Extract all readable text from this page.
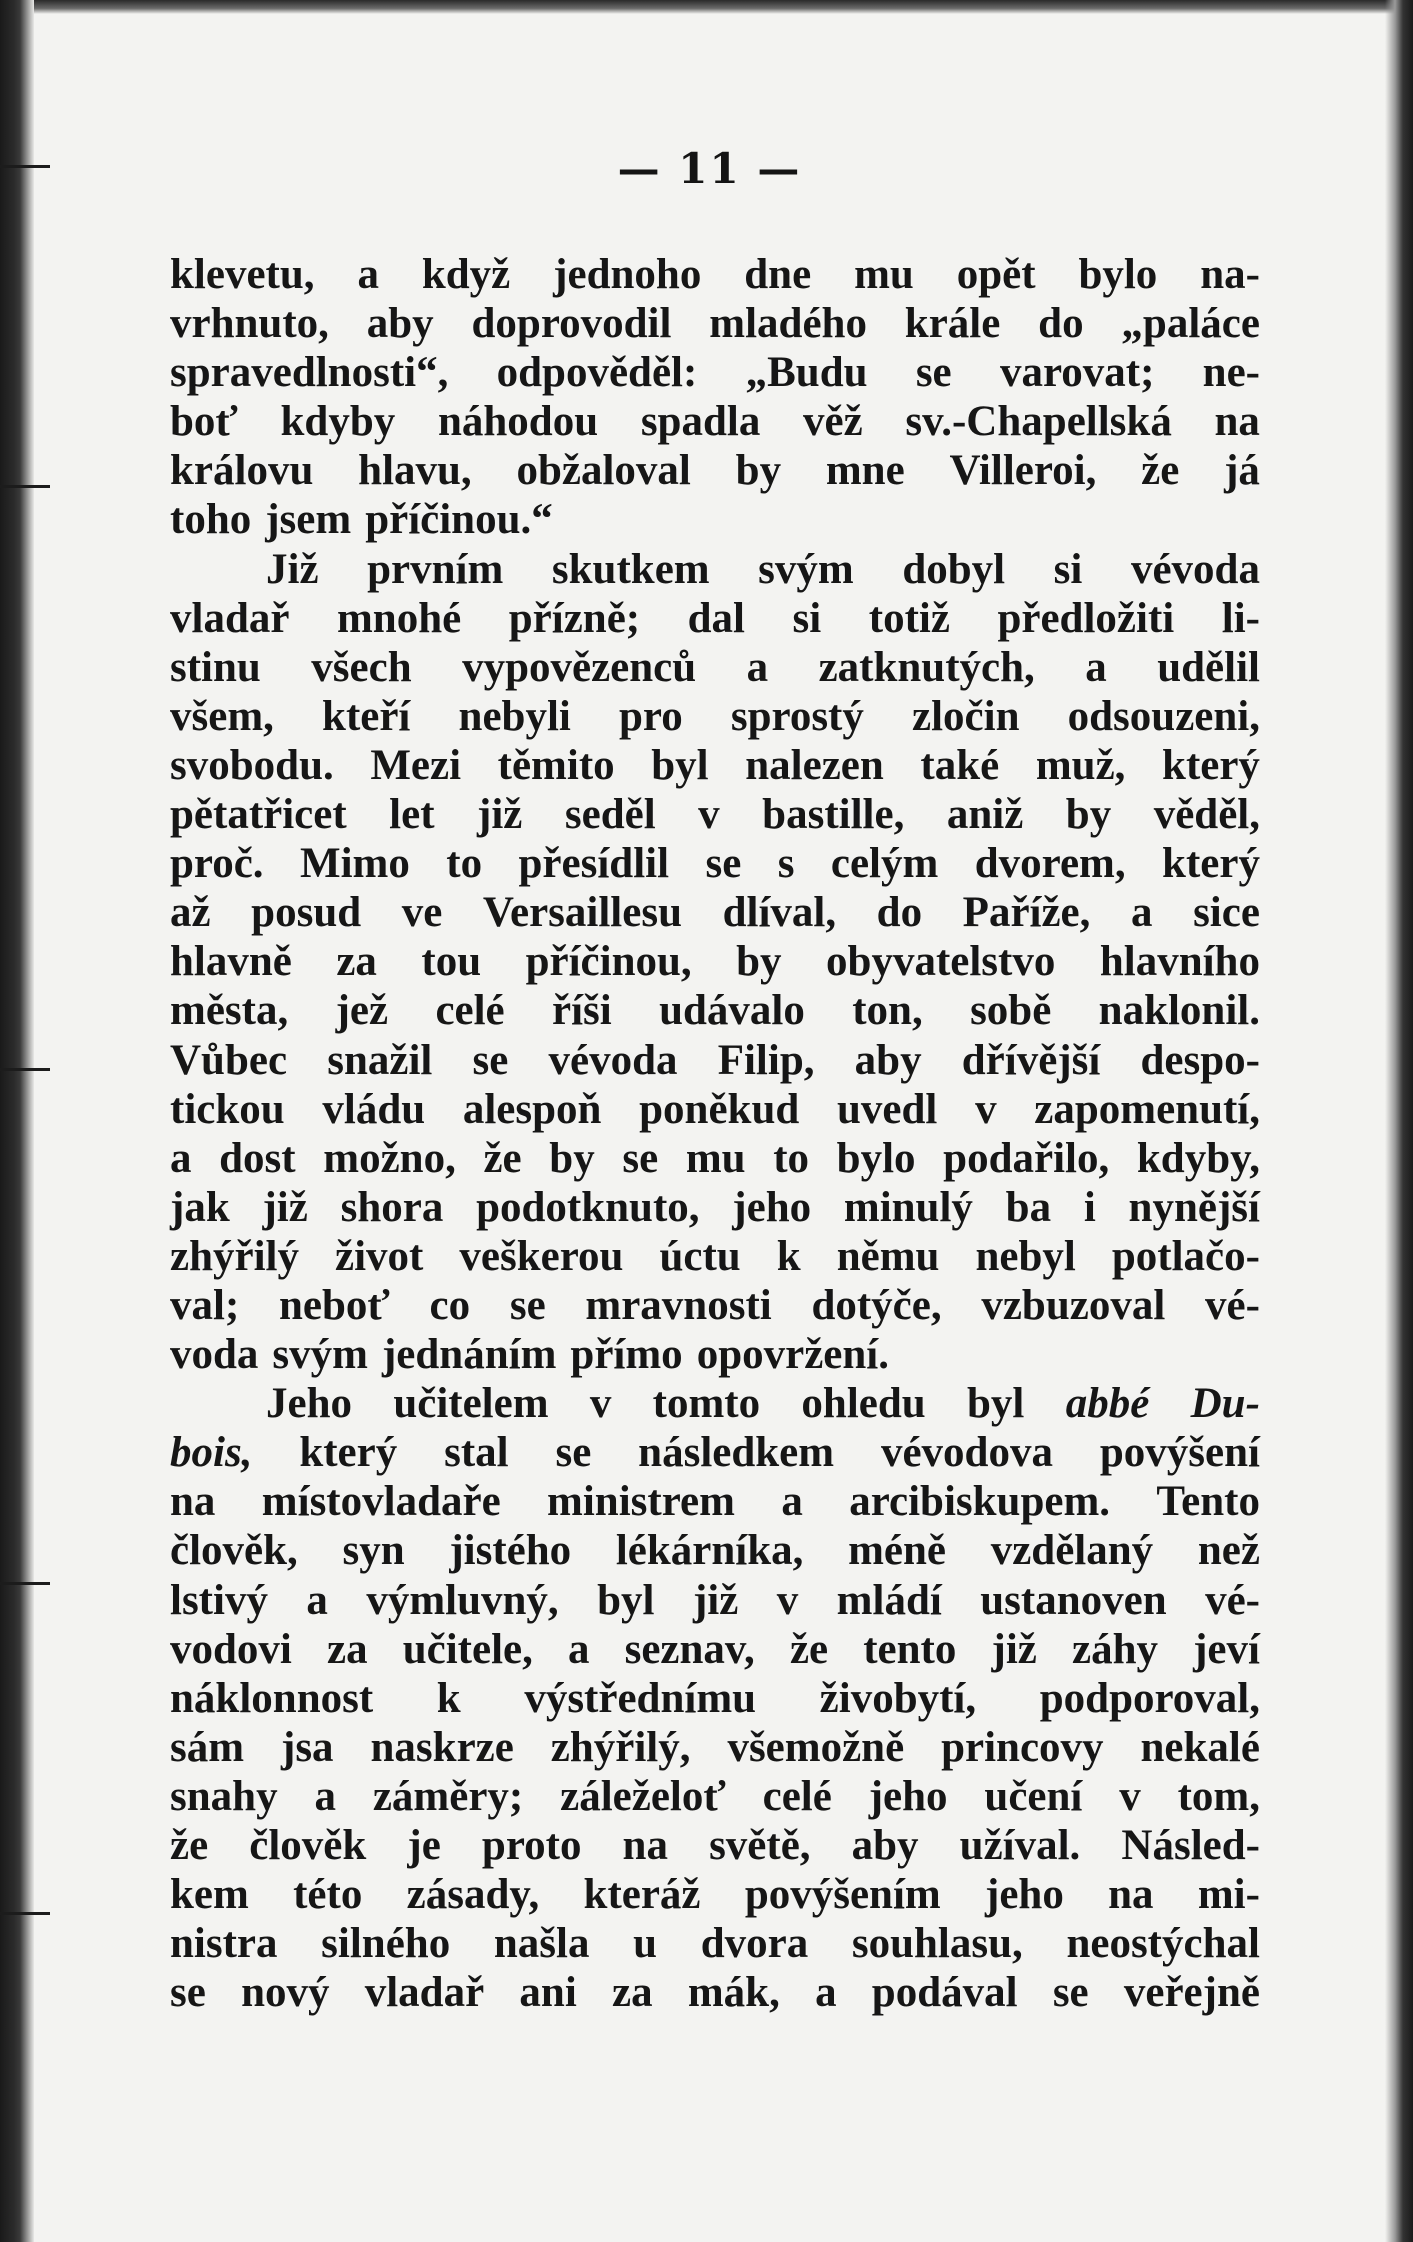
— 11 —
klevetu, a když jednoho dne mu opět bylo na-
vrhnuto, aby doprovodil mladého krále do „paláce
spravedlnosti“, odpověděl: „Budu se varovat; ne-
boť kdyby náhodou spadla věž sv.-Chapellská na
královu hlavu, obžaloval by mne Villeroi, že já
toho jsem příčinou.“
Již prvním skutkem svým dobyl si vévoda
vladař mnohé přízně; dal si totiž předložiti li-
stinu všech vypovězenců a zatknutých, a udělil
všem, kteří nebyli pro sprostý zločin odsouzeni,
svobodu. Mezi těmito byl nalezen také muž, který
pětatřicet let již seděl v bastille, aniž by věděl,
proč. Mimo to přesídlil se s celým dvorem, který
až posud ve Versaillesu dlíval, do Paříže, a sice
hlavně za tou příčinou, by obyvatelstvo hlavního
města, jež celé říši udávalo ton, sobě naklonil.
Vůbec snažil se vévoda Filip, aby dřívější despo-
tickou vládu alespoň poněkud uvedl v zapomenutí,
a dost možno, že by se mu to bylo podařilo, kdyby,
jak již shora podotknuto, jeho minulý ba i nynější
zhýřilý život veškerou úctu k němu nebyl potlačo-
val; neboť co se mravnosti dotýče, vzbuzoval vé-
voda svým jednáním přímo opovržení.
Jeho učitelem v tomto ohledu byl abbé Du-
bois, který stal se následkem vévodova povýšení
na místovladaře ministrem a arcibiskupem. Tento
člověk, syn jistého lékárníka, méně vzdělaný než
lstivý a výmluvný, byl již v mládí ustanoven vé-
vodovi za učitele, a seznav, že tento již záhy jeví
náklonnost k výstřednímu živobytí, podporoval,
sám jsa naskrze zhýřilý, všemožně princovy nekalé
snahy a záměry; záleželoť celé jeho učení v tom,
že člověk je proto na světě, aby užíval. Násled-
kem této zásady, kteráž povýšením jeho na mi-
nistra silného našla u dvora souhlasu, neostýchal
se nový vladař ani za mák, a podával se veřejně
